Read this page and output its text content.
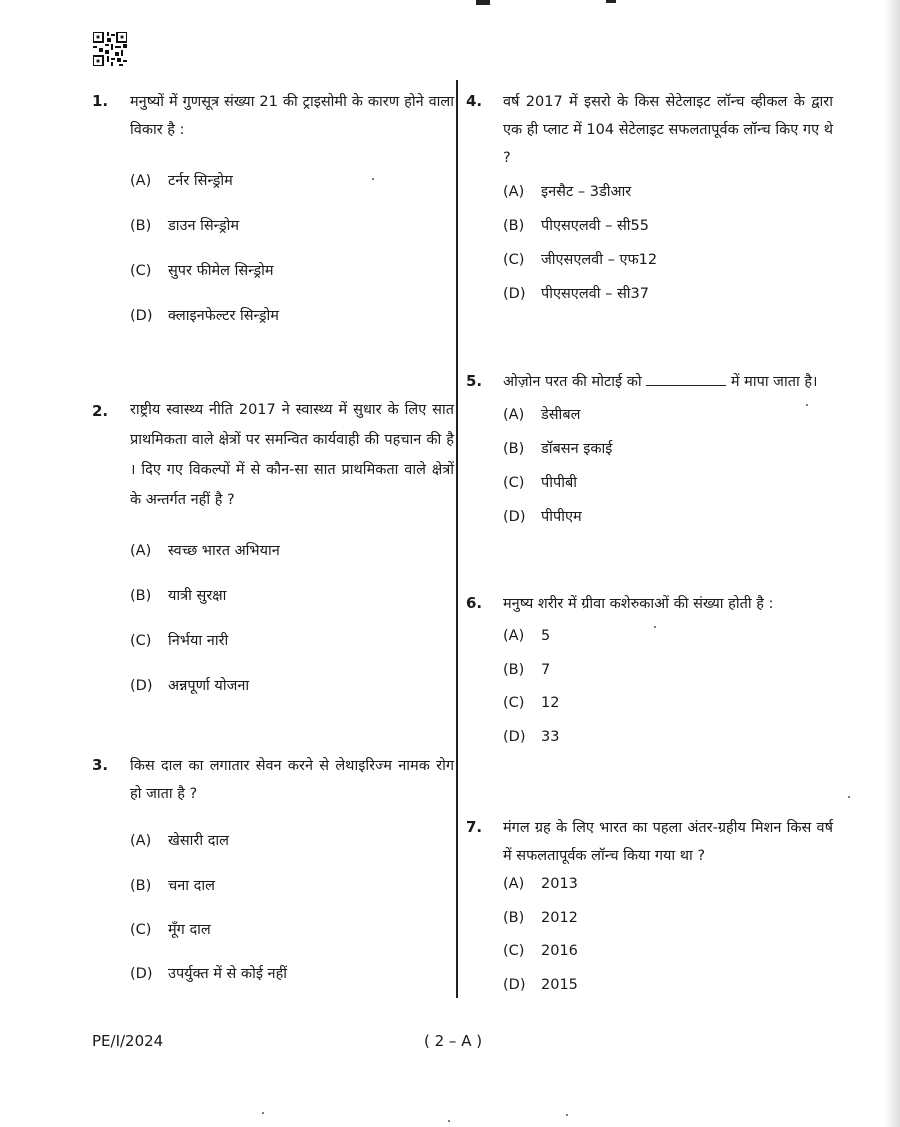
1. मनुष्यों में गुणसूत्र संख्या 21 की ट्राइसोमी के कारण होने वाला विकार है :
(A) टर्नर सिन्ड्रोम
(B) डाउन सिन्ड्रोम
(C) सुपर फीमेल सिन्ड्रोम
(D) क्लाइनफेल्टर सिन्ड्रोम
2. राष्ट्रीय स्वास्थ्य नीति 2017 ने स्वास्थ्य में सुधार के लिए सात प्राथमिकता वाले क्षेत्रों पर समन्वित कार्यवाही की पहचान की है । दिए गए विकल्पों में से कौन-सा सात प्राथमिकता वाले क्षेत्रों के अन्तर्गत नहीं है ?
(A) स्वच्छ भारत अभियान
(B) यात्री सुरक्षा
(C) निर्भया नारी
(D) अन्नपूर्णा योजना
3. किस दाल का लगातार सेवन करने से लेथाइरिज्म नामक रोग हो जाता है ?
(A) खेसारी दाल
(B) चना दाल
(C) मूँग दाल
(D) उपर्युक्त में से कोई नहीं
4. वर्ष 2017 में इसरो के किस सेटेलाइट लॉन्च व्हीकल के द्वारा एक ही प्लाट में 104 सेटेलाइट सफलतापूर्वक लॉन्च किए गए थे ?
(A) इनसैट – 3डीआर
(B) पीएसएलवी – सी55
(C) जीएसएलवी – एफ12
(D) पीएसएलवी – सी37
5. ओज़ोन परत की मोटाई को	में मापा जाता है।
(A) डेसीबल
(B) डॉबसन इकाई
(C) पीपीबी
(D) पीपीएम
6. मनुष्य शरीर में ग्रीवा कशेरुकाओं की संख्या होती है :
(A) 5
(B) 7
(C) 12
(D) 33
7. मंगल ग्रह के लिए भारत का पहला अंतर-ग्रहीय मिशन किस वर्ष में सफलतापूर्वक लॉन्च किया गया था ?
(A) 2013
(B) 2012
(C) 2016
(D) 2015
PE/I/2024	( 2 – A )
